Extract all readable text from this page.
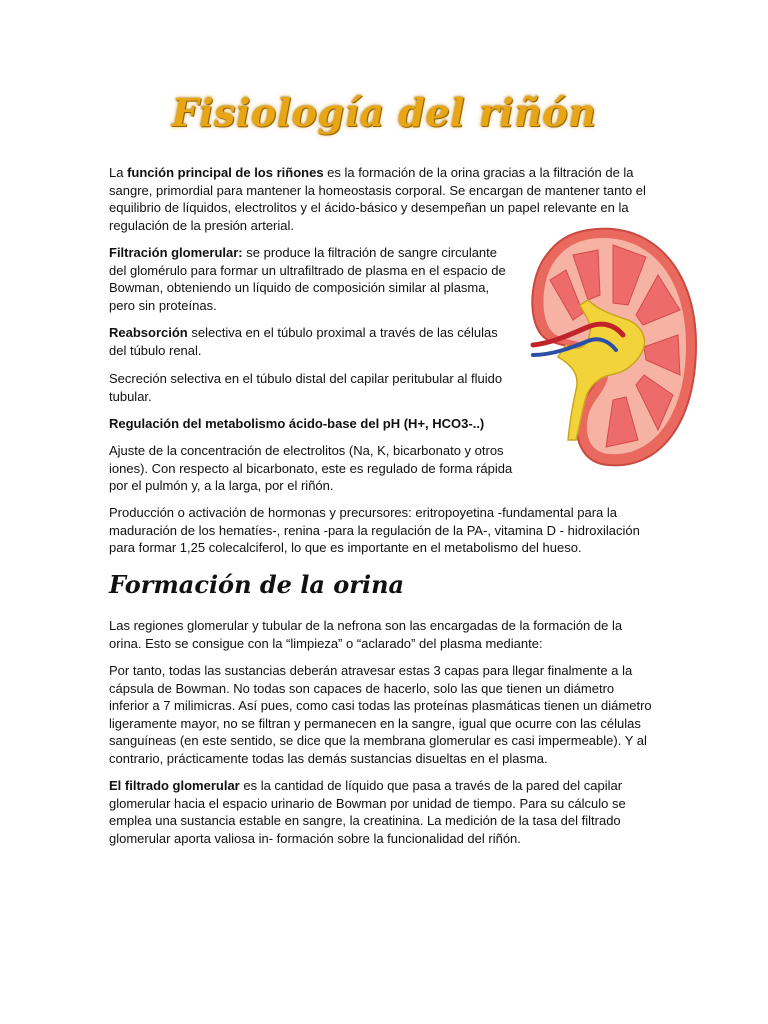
Fisiología del riñón
La función principal de los riñones es la formación de la orina gracias a la filtración de la sangre, primordial para mantener la homeostasis corporal. Se encargan de mantener tanto el equilibrio de líquidos, electrolitos y el ácido-básico y desempeñan un papel relevante en la regulación de la presión arterial.
Filtración glomerular: se produce la filtración de sangre circulante del glomérulo para formar un ultrafiltrado de plasma en el espacio de Bowman, obteniendo un líquido de composición similar al plasma, pero sin proteínas.
Reabsorción selectiva en el túbulo proximal a través de las células del túbulo renal.
Secreción selectiva en el túbulo distal del capilar peritubular al fluido tubular.
Regulación del metabolismo ácido-base del pH (H+, HCO3-..)
Ajuste de la concentración de electrolitos (Na, K, bicarbonato y otros iones). Con respecto al bicarbonato, este es regulado de forma rápida por el pulmón y, a la larga, por el riñón.
Producción o activación de hormonas y precursores: eritropoyetina -fundamental para la maduración de los hematíes-, renina -para la regulación de la PA-, vitamina D - hidroxilación para formar 1,25 colecalciferol, lo que es importante en el metabolismo del hueso.
Formación de la orina
Las regiones glomerular y tubular de la nefrona son las encargadas de la formación de la orina. Esto se consigue con la “limpieza” o “aclarado” del plasma mediante:
Por tanto, todas las sustancias deberán atravesar estas 3 capas para llegar finalmente a la cápsula de Bowman. No todas son capaces de hacerlo, solo las que tienen un diámetro inferior a 7 milimicras. Así pues, como casi todas las proteínas plasmáticas tienen un diámetro ligeramente mayor, no se filtran y permanecen en la sangre, igual que ocurre con las células sanguíneas (en este sentido, se dice que la membrana glomerular es casi impermeable). Y al contrario, prácticamente todas las demás sustancias disueltas en el plasma.
El filtrado glomerular es la cantidad de líquido que pasa a través de la pared del capilar glomerular hacia el espacio urinario de Bowman por unidad de tiempo. Para su cálculo se emplea una sustancia estable en sangre, la creatinina. La medición de la tasa del filtrado glomerular aporta valiosa in- formación sobre la funcionalidad del riñón.
